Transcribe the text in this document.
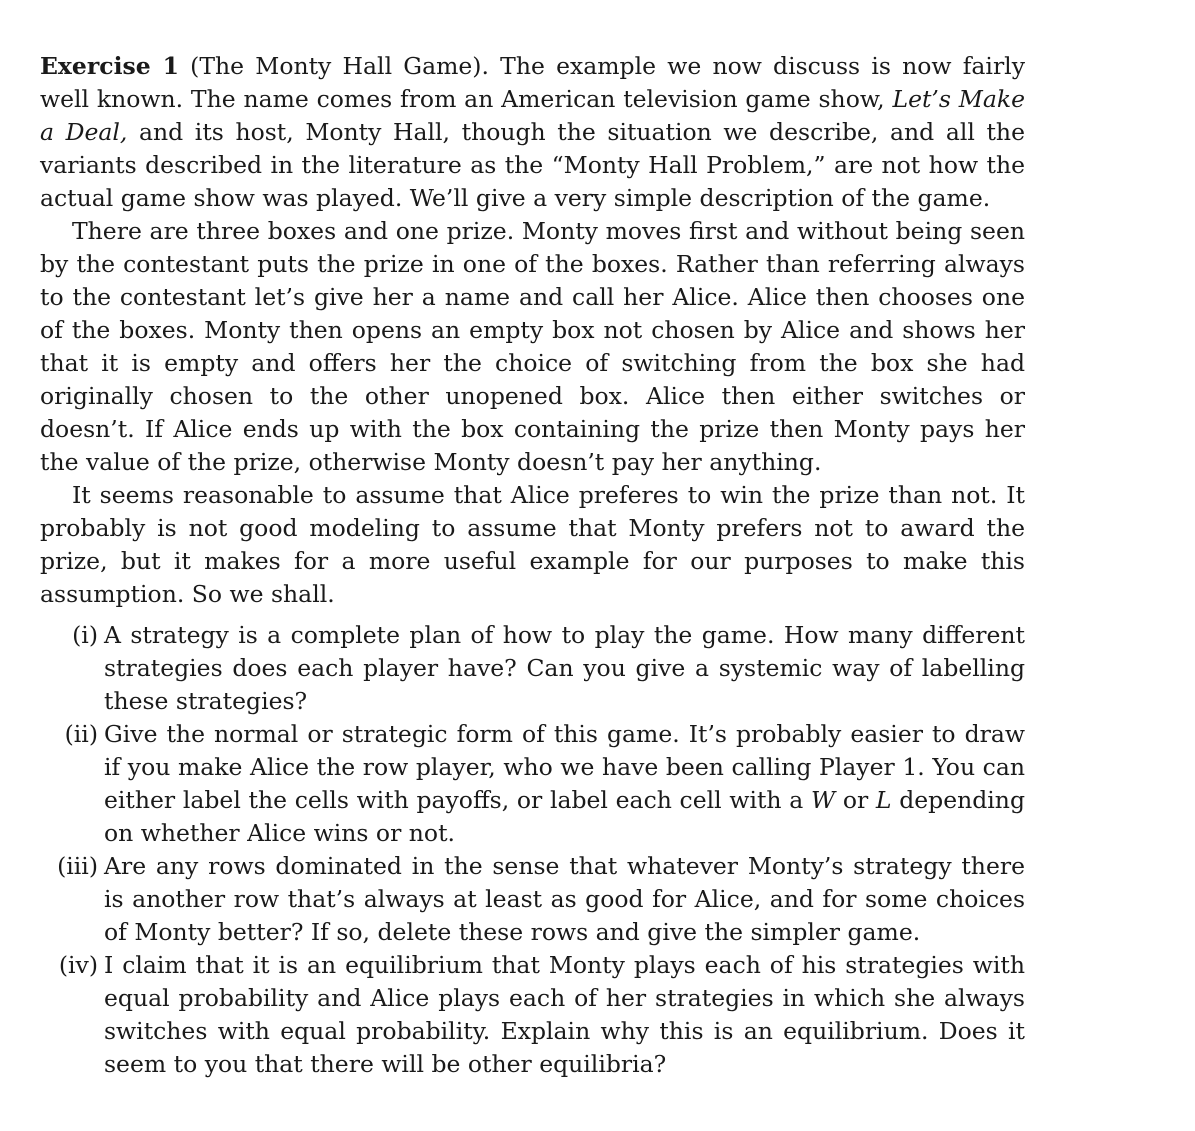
Exercise 1 (The Monty Hall Game). The example we now discuss is now fairly well known. The name comes from an American television game show, Let’s Make a Deal, and its host, Monty Hall, though the situation we describe, and all the variants described in the literature as the “Monty Hall Problem,” are not how the actual game show was played. We’ll give a very simple description of the game.

There are three boxes and one prize. Monty moves first and without being seen by the contestant puts the prize in one of the boxes. Rather than referring always to the contestant let’s give her a name and call her Alice. Alice then chooses one of the boxes. Monty then opens an empty box not chosen by Alice and shows her that it is empty and offers her the choice of switching from the box she had originally chosen to the other unopened box. Alice then either switches or doesn’t. If Alice ends up with the box containing the prize then Monty pays her the value of the prize, otherwise Monty doesn’t pay her anything.

It seems reasonable to assume that Alice preferes to win the prize than not. It probably is not good modeling to assume that Monty prefers not to award the prize, but it makes for a more useful example for our purposes to make this assumption. So we shall.

(i) A strategy is a complete plan of how to play the game. How many different strategies does each player have? Can you give a systemic way of labelling these strategies?
(ii) Give the normal or strategic form of this game. It’s probably easier to draw if you make Alice the row player, who we have been calling Player 1. You can either label the cells with payoffs, or label each cell with a W or L depending on whether Alice wins or not.
(iii) Are any rows dominated in the sense that whatever Monty’s strategy there is another row that’s always at least as good for Alice, and for some choices of Monty better? If so, delete these rows and give the simpler game.
(iv) I claim that it is an equilibrium that Monty plays each of his strategies with equal probability and Alice plays each of her strategies in which she always switches with equal probability. Explain why this is an equilibrium. Does it seem to you that there will be other equilibria?
